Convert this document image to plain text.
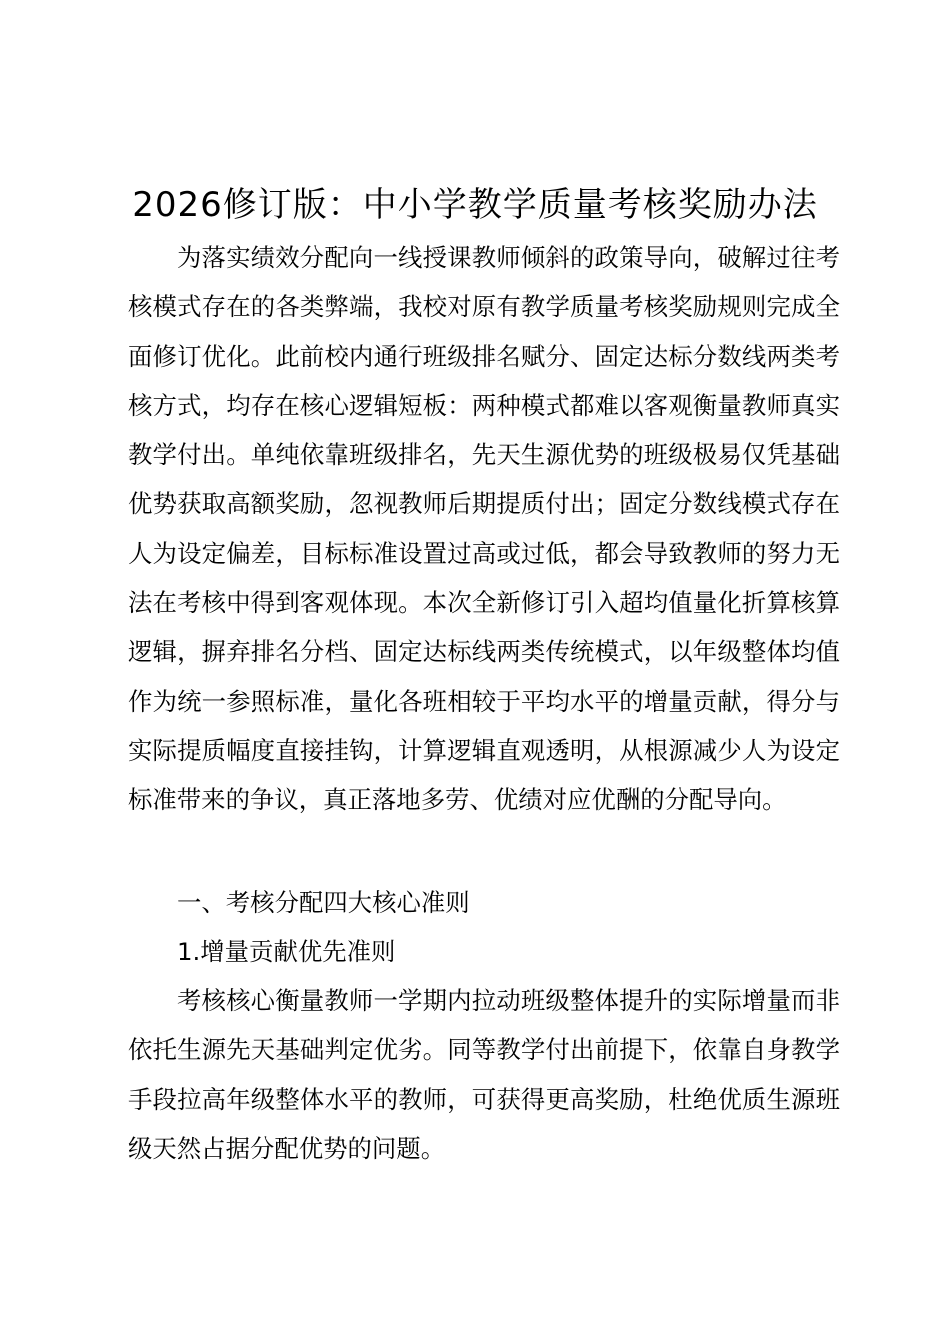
2026修订版：中小学教学质量考核奖励办法

为落实绩效分配向一线授课教师倾斜的政策导向，破解过往考核模式存在的各类弊端，我校对原有教学质量考核奖励规则完成全面修订优化。此前校内通行班级排名赋分、固定达标分数线两类考核方式，均存在核心逻辑短板：两种模式都难以客观衡量教师真实教学付出。单纯依靠班级排名，先天生源优势的班级极易仅凭基础优势获取高额奖励，忽视教师后期提质付出；固定分数线模式存在人为设定偏差，目标标准设置过高或过低，都会导致教师的努力无法在考核中得到客观体现。本次全新修订引入超均值量化折算核算逻辑，摒弃排名分档、固定达标线两类传统模式，以年级整体均值作为统一参照标准，量化各班相较于平均水平的增量贡献，得分与实际提质幅度直接挂钩，计算逻辑直观透明，从根源减少人为设定标准带来的争议，真正落地多劳、优绩对应优酬的分配导向。

一、考核分配四大核心准则

1.增量贡献优先准则

考核核心衡量教师一学期内拉动班级整体提升的实际增量而非依托生源先天基础判定优劣。同等教学付出前提下，依靠自身教学手段拉高年级整体水平的教师，可获得更高奖励，杜绝优质生源班级天然占据分配优势的问题。
